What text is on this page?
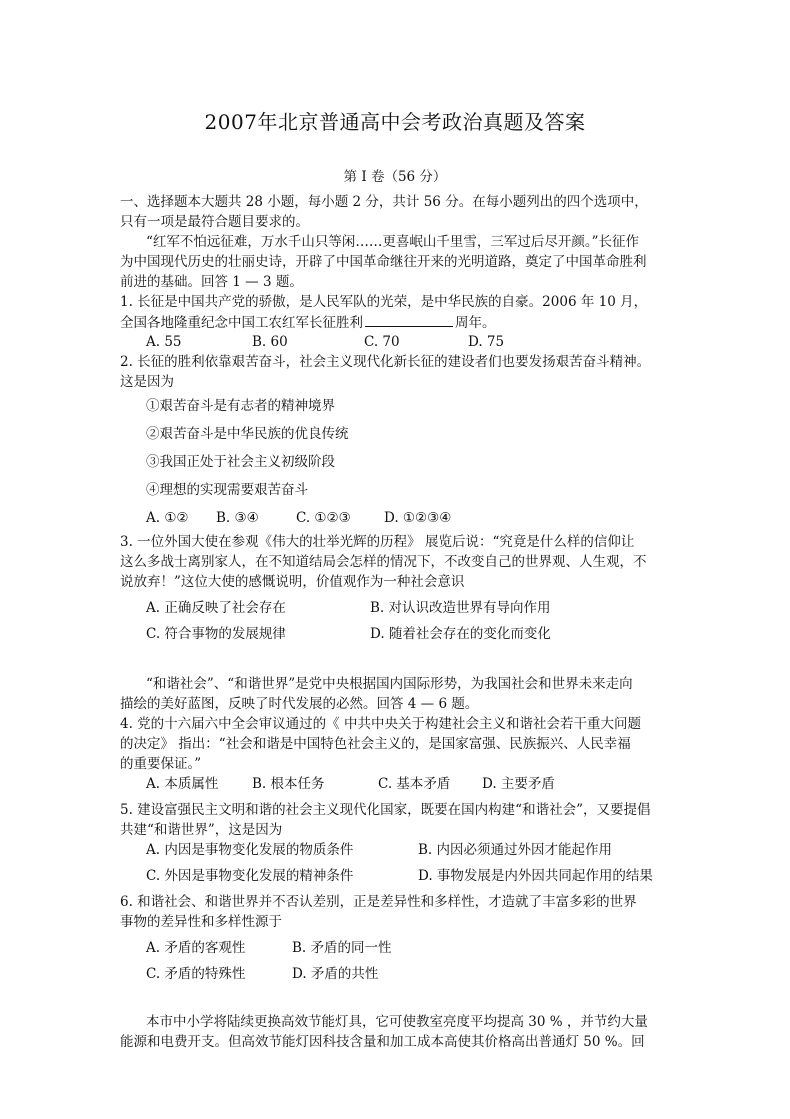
2007年北京普通高中会考政治真题及答案
第 I 卷（56 分）
一、选择题本大题共 28 小题，每小题 2 分，共计 56 分。在每小题列出的四个选项中，
只有一项是最符合题目要求的。
“红军不怕远征难，万水千山只等闲……更喜岷山千里雪，三军过后尽开颜。”长征作
为中国现代历史的壮丽史诗，开辟了中国革命继往开来的光明道路，奠定了中国革命胜利
前进的基础。回答 1 — 3 题。
1. 长征是中国共产党的骄傲，是人民军队的光荣，是中华民族的自豪。2006 年 10 月，
全国各地隆重纪念中国工农红军长征胜利	周年。
A. 55	B. 60	C. 70	D. 75
2. 长征的胜利依靠艰苦奋斗，社会主义现代化新长征的建设者们也要发扬艰苦奋斗精神。
这是因为
①艰苦奋斗是有志者的精神境界
②艰苦奋斗是中华民族的优良传统
③我国正处于社会主义初级阶段
④理想的实现需要艰苦奋斗
A. ①②	B. ③④	C. ①②③	D. ①②③④
3. 一位外国大使在参观《伟大的壮举光辉的历程》 展览后说：“究竟是什么样的信仰让
这么多战士离别家人，在不知道结局会怎样的情况下，不改变自己的世界观、人生观，不
说放弃！”这位大使的感慨说明，价值观作为一种社会意识
A. 正确反映了社会存在	B. 对认识改造世界有导向作用
C. 符合事物的发展规律	D. 随着社会存在的变化而变化
“和谐社会”、“和谐世界”是党中央根据国内国际形势，为我国社会和世界未来走向
描绘的美好蓝图，反映了时代发展的必然。回答 4 — 6 题。
4. 党的十六届六中全会审议通过的《 中共中央关于构建社会主义和谐社会若干重大问题
的决定》 指出：“社会和谐是中国特色社会主义的，是国家富强、民族振兴、人民幸福
的重要保证。”
A. 本质属性	B. 根本任务	C. 基本矛盾	D. 主要矛盾
5. 建设富强民主文明和谐的社会主义现代化国家，既要在国内构建“和谐社会”，又要提倡
共建“和谐世界”，这是因为
A. 内因是事物变化发展的物质条件	B. 内因必须通过外因才能起作用
C. 外因是事物变化发展的精神条件	D. 事物发展是内外因共同起作用的结果
6. 和谐社会、和谐世界并不否认差别，正是差异性和多样性，才造就了丰富多彩的世界
事物的差异性和多样性源于
A. 矛盾的客观性	B. 矛盾的同一性
C. 矛盾的特殊性	D. 矛盾的共性
本市中小学将陆续更换高效节能灯具，它可使教室亮度平均提高 30 % ，并节约大量
能源和电费开支。但高效节能灯因科技含量和加工成本高使其价格高出普通灯 50 %。回
